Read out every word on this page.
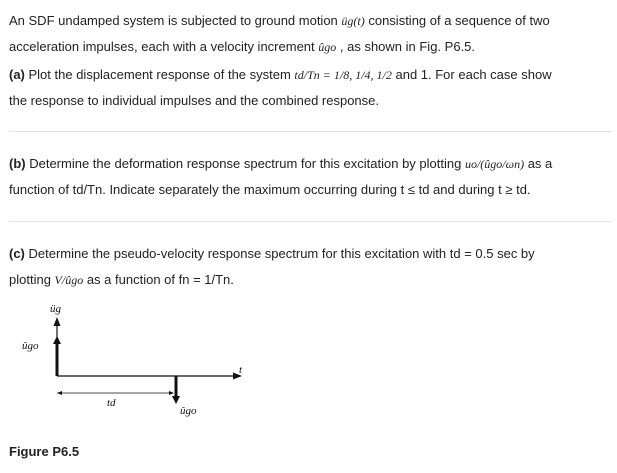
An SDF undamped system is subjected to ground motion üg(t) consisting of a sequence of two
acceleration impulses, each with a velocity increment ûgo , as shown in Fig. P6.5.

(a) Plot the displacement response of the system td/Tn = 1/8, 1/4, 1/2 and 1. For each case show
the response to individual impulses and the combined response.

(b) Determine the deformation response spectrum for this excitation by plotting uo/(ûgo/ωn) as a
function of td/Tn. Indicate separately the maximum occurring during t ≤ td and during t ≥ td.

(c) Determine the pseudo-velocity response spectrum for this excitation with td = 0.5 sec by
plotting V/ûgo as a function of fn = 1/Tn.

üg
ûgo
t
td
ûgo
Figure P6.5
